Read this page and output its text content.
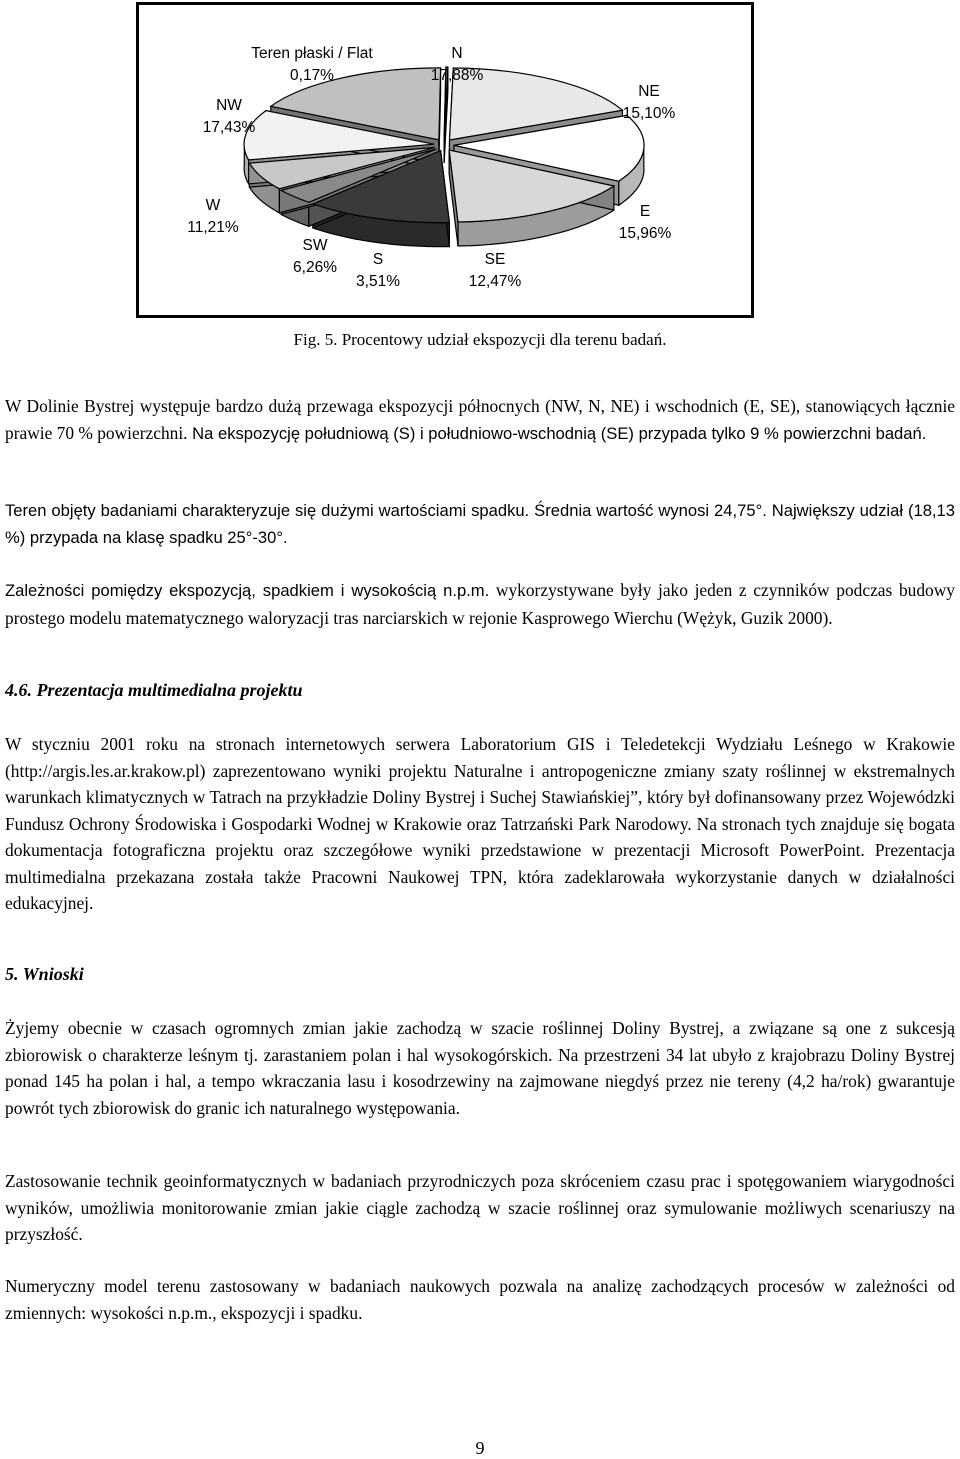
Teren płaski / Flat
0,17%
N
17,88%
NE
15,10%
NW
17,43%
W
11,21%
E
15,96%
SW
6,26%	S
3,51%
SE
12,47%
Fig. 5. Procentowy udział ekspozycji dla terenu badań.

W Dolinie Bystrej występuje bardzo dużą przewaga ekspozycji północnych (NW, N, NE) i wschodnich (E, SE), stanowiących łącznie prawie 70 % powierzchni. Na ekspozycję południową (S) i południowo-wschodnią (SE) przypada tylko 9 % powierzchni badań.

Teren objęty badaniami charakteryzuje się dużymi wartościami spadku. Średnia wartość wynosi 24,75°. Największy udział (18,13 %) przypada na klasę spadku 25°-30°.

Zależności pomiędzy ekspozycją, spadkiem i wysokością n.p.m. wykorzystywane były jako jeden z czynników podczas budowy prostego modelu matematycznego waloryzacji tras narciarskich w rejonie Kasprowego Wierchu (Wężyk, Guzik 2000).

4.6. Prezentacja multimedialna projektu

W styczniu 2001 roku na stronach internetowych serwera Laboratorium GIS i Teledetekcji Wydziału Leśnego w Krakowie (http://argis.les.ar.krakow.pl) zaprezentowano wyniki projektu Naturalne i antropogeniczne zmiany szaty roślinnej w ekstremalnych warunkach klimatycznych w Tatrach na przykładzie Doliny Bystrej i Suchej Stawiańskiej”, który był dofinansowany przez Wojewódzki Fundusz Ochrony Środowiska i Gospodarki Wodnej w Krakowie oraz Tatrzański Park Narodowy. Na stronach tych znajduje się bogata dokumentacja fotograficzna projektu oraz szczegółowe wyniki przedstawione w prezentacji Microsoft PowerPoint. Prezentacja multimedialna przekazana została także Pracowni Naukowej TPN, która zadeklarowała wykorzystanie danych w działalności edukacyjnej.

5. Wnioski

Żyjemy obecnie w czasach ogromnych zmian jakie zachodzą w szacie roślinnej Doliny Bystrej, a związane są one z sukcesją zbiorowisk o charakterze leśnym tj. zarastaniem polan i hal wysokogórskich. Na przestrzeni 34 lat ubyło z krajobrazu Doliny Bystrej ponad 145 ha polan i hal, a tempo wkraczania lasu i kosodrzewiny na zajmowane niegdyś przez nie tereny (4,2 ha/rok) gwarantuje powrót tych zbiorowisk do granic ich naturalnego występowania.

Zastosowanie technik geoinformatycznych w badaniach przyrodniczych poza skróceniem czasu prac i spotęgowaniem wiarygodności wyników, umożliwia monitorowanie zmian jakie ciągle zachodzą w szacie roślinnej oraz symulowanie możliwych scenariuszy na przyszłość.

Numeryczny model terenu zastosowany w badaniach naukowych pozwala na analizę zachodzących procesów w zależności od zmiennych: wysokości n.p.m., ekspozycji i spadku.

9
